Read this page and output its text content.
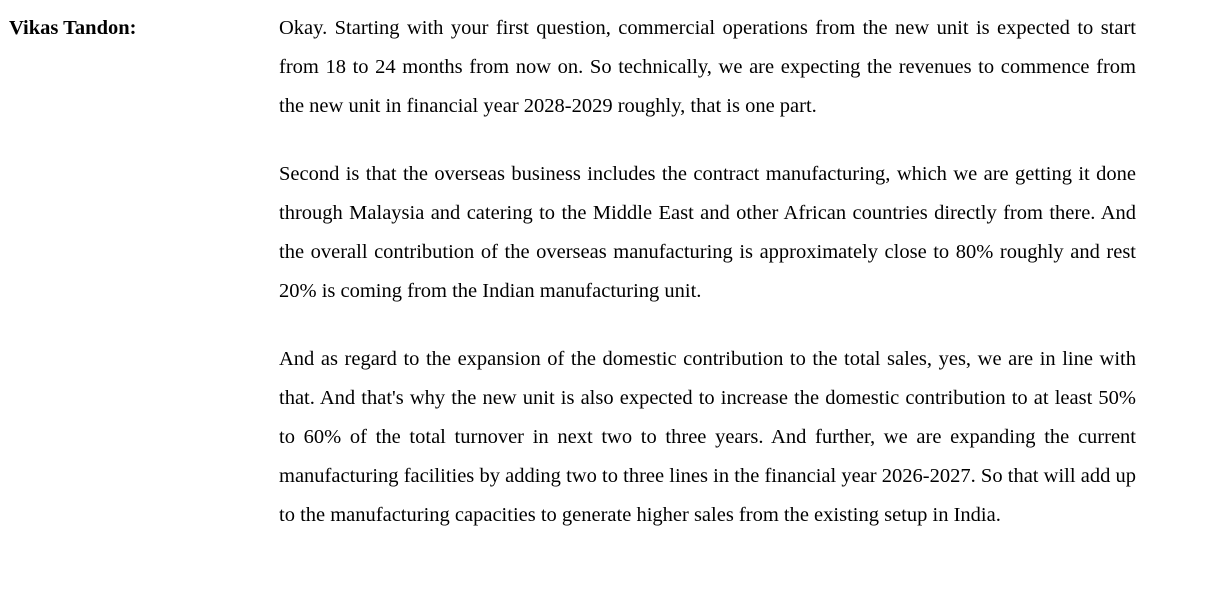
Vikas Tandon:	Okay. Starting with your first question, commercial operations from the new unit is expected to start from 18 to 24 months from now on. So technically, we are expecting the revenues to commence from the new unit in financial year 2028-2029 roughly, that is one part.

Second is that the overseas business includes the contract manufacturing, which we are getting it done through Malaysia and catering to the Middle East and other African countries directly from there. And the overall contribution of the overseas manufacturing is approximately close to 80% roughly and rest 20% is coming from the Indian manufacturing unit.

And as regard to the expansion of the domestic contribution to the total sales, yes, we are in line with that. And that's why the new unit is also expected to increase the domestic contribution to at least 50% to 60% of the total turnover in next two to three years. And further, we are expanding the current manufacturing facilities by adding two to three lines in the financial year 2026-2027. So that will add up to the manufacturing capacities to generate higher sales from the existing setup in India.
